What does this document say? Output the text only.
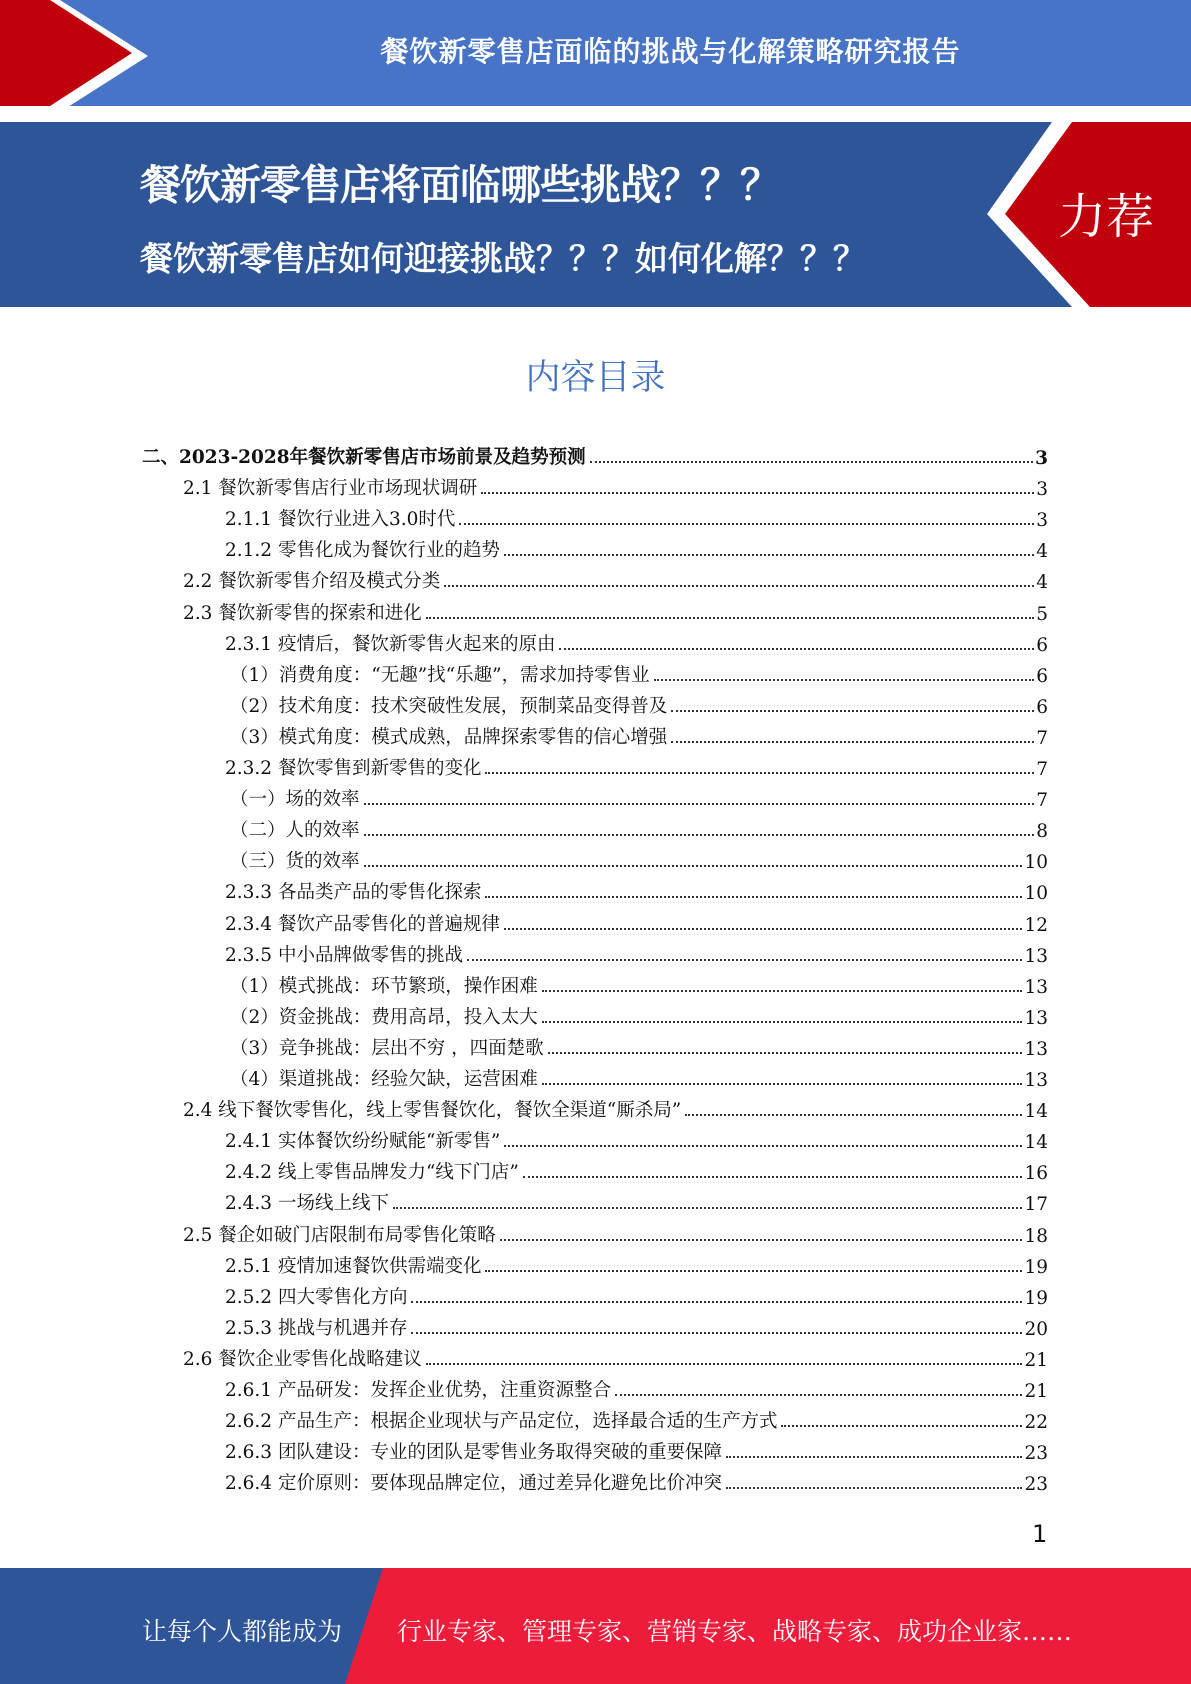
餐饮新零售店面临的挑战与化解策略研究报告
餐饮新零售店将面临哪些挑战？？？
餐饮新零售店如何迎接挑战？？？如何化解？？？
力荐
内容目录
二、2023-2028年餐饮新零售店市场前景及趋势预测	3
2.1 餐饮新零售店行业市场现状调研	3
2.1.1 餐饮行业进入3.0时代	3
2.1.2 零售化成为餐饮行业的趋势	4
2.2 餐饮新零售介绍及模式分类	4
2.3 餐饮新零售的探索和进化	5
2.3.1 疫情后，餐饮新零售火起来的原由	6
（1）消费角度：“无趣”找“乐趣”，需求加持零售业	6
（2）技术角度：技术突破性发展，预制菜品变得普及	6
（3）模式角度：模式成熟，品牌探索零售的信心增强	7
2.3.2 餐饮零售到新零售的变化	7
（一）场的效率	7
（二）人的效率	8
（三）货的效率	10
2.3.3 各品类产品的零售化探索	10
2.3.4 餐饮产品零售化的普遍规律	12
2.3.5 中小品牌做零售的挑战	13
（1）模式挑战：环节繁琐，操作困难	13
（2）资金挑战：费用高昂，投入太大	13
（3）竞争挑战：层出不穷 ，四面楚歌	13
（4）渠道挑战：经验欠缺，运营困难	13
2.4 线下餐饮零售化，线上零售餐饮化，餐饮全渠道“厮杀局”	14
2.4.1 实体餐饮纷纷赋能“新零售”	14
2.4.2 线上零售品牌发力“线下门店”	16
2.4.3 一场线上线下	17
2.5 餐企如破门店限制布局零售化策略	18
2.5.1 疫情加速餐饮供需端变化	19
2.5.2 四大零售化方向	19
2.5.3 挑战与机遇并存	20
2.6 餐饮企业零售化战略建议	21
2.6.1 产品研发：发挥企业优势，注重资源整合	21
2.6.2 产品生产：根据企业现状与产品定位，选择最合适的生产方式	22
2.6.3 团队建设：专业的团队是零售业务取得突破的重要保障	23
2.6.4 定价原则：要体现品牌定位，通过差异化避免比价冲突	23
1
让每个人都能成为 行业专家、管理专家、营销专家、战略专家、成功企业家……
